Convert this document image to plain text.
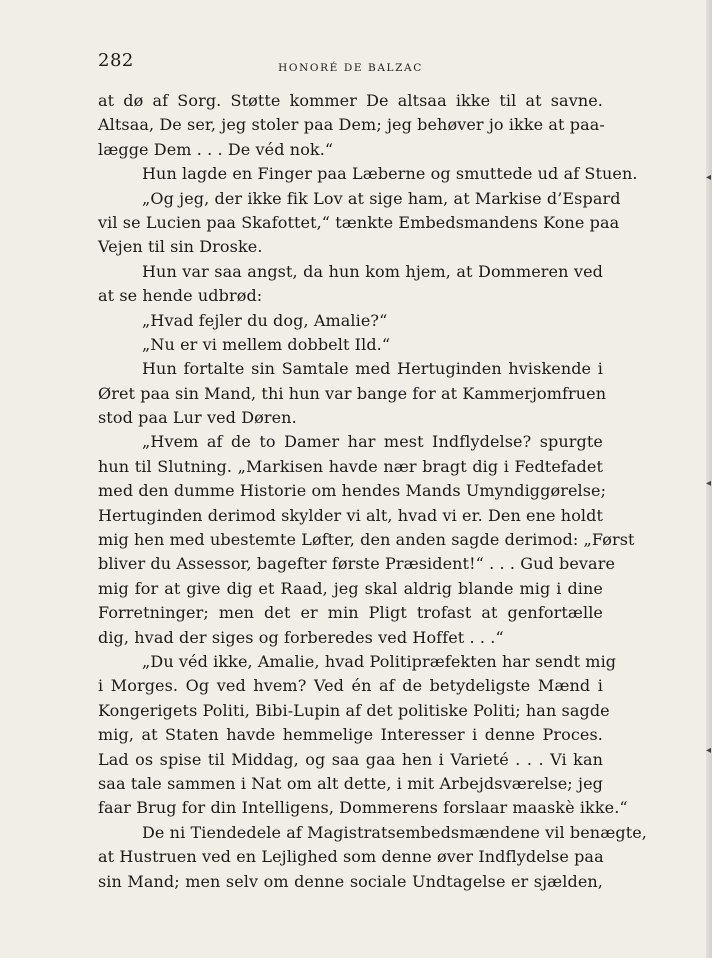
282	HONORÉ DE BALZAC
at dø af Sorg. Støtte kommer De altsaa ikke til at savne.
Altsaa, De ser, jeg stoler paa Dem; jeg behøver jo ikke at paa-
lægge Dem . . . De véd nok.“
Hun lagde en Finger paa Læberne og smuttede ud af Stuen.
„Og jeg, der ikke fik Lov at sige ham, at Markise d’Espard
vil se Lucien paa Skafottet,“ tænkte Embedsmandens Kone paa
Vejen til sin Droske.
Hun var saa angst, da hun kom hjem, at Dommeren ved
at se hende udbrød:
„Hvad fejler du dog, Amalie?“
„Nu er vi mellem dobbelt Ild.“
Hun fortalte sin Samtale med Hertuginden hviskende i
Øret paa sin Mand, thi hun var bange for at Kammerjomfruen
stod paa Lur ved Døren.
„Hvem af de to Damer har mest Indflydelse? spurgte
hun til Slutning. „Markisen havde nær bragt dig i Fedtefadet
med den dumme Historie om hendes Mands Umyndiggørelse;
Hertuginden derimod skylder vi alt, hvad vi er. Den ene holdt
mig hen med ubestemte Løfter, den anden sagde derimod: „Først
bliver du Assessor, bagefter første Præsident!“ . . . Gud bevare
mig for at give dig et Raad, jeg skal aldrig blande mig i dine
Forretninger; men det er min Pligt trofast at genfortælle
dig, hvad der siges og forberedes ved Hoffet . . .“
„Du véd ikke, Amalie, hvad Politipræfekten har sendt mig
i Morges. Og ved hvem? Ved én af de betydeligste Mænd i
Kongerigets Politi, Bibi-Lupin af det politiske Politi; han sagde
mig, at Staten havde hemmelige Interesser i denne Proces.
Lad os spise til Middag, og saa gaa hen i Varieté . . . Vi kan
saa tale sammen i Nat om alt dette, i mit Arbejdsværelse; jeg
faar Brug for din Intelligens, Dommerens forslaar maaskè ikke.“
De ni Tiendedele af Magistratsembedsmændene vil benægte,
at Hustruen ved en Lejlighed som denne øver Indflydelse paa
sin Mand; men selv om denne sociale Undtagelse er sjælden,
◂
◂
◂
